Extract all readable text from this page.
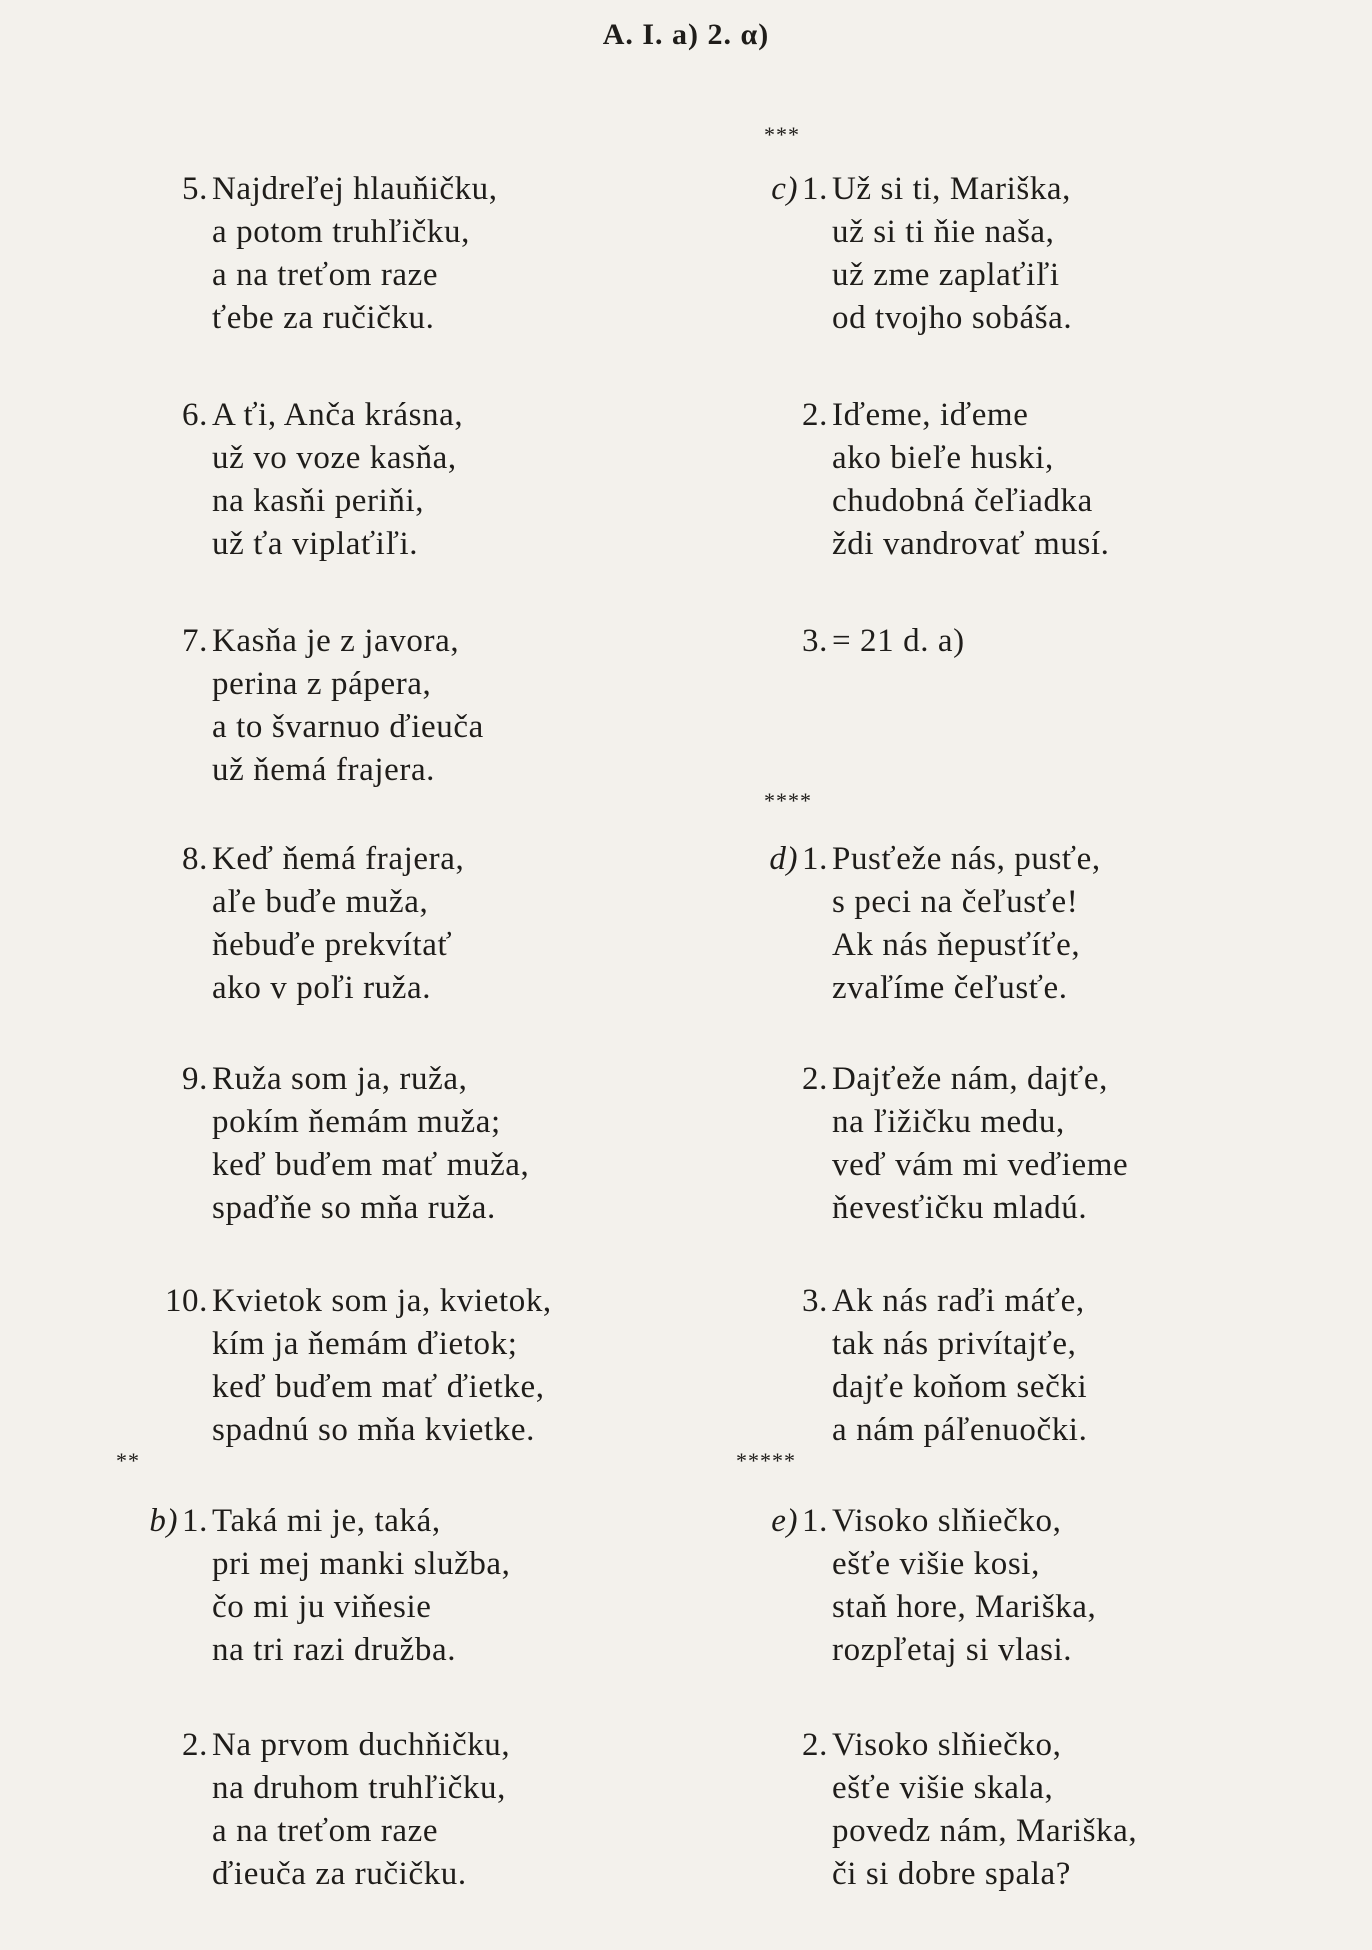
A. I. a) 2. α)
5. Najdreľej hlauňičku,
a potom truhľičku,
a na treťom raze
ťebe za ručičku.
6. A ťi, Anča krásna,
už vo voze kasňa,
na kasňi periňi,
už ťa viplaťiľi.
7. Kasňa je z javora,
perina z pápera,
a to švarnuo ďieuča
už ňemá frajera.
8. Keď ňemá frajera,
aľe buďe muža,
ňebuďe prekvítať
ako v poľi ruža.
9. Ruža som ja, ruža,
pokím ňemám muža;
keď buďem mať muža,
spaďňe so mňa ruža.
10. Kvietok som ja, kvietok,
kím ja ňemám ďietok;
keď buďem mať ďietke,
spadnú so mňa kvietke.
**
b) 1. Taká mi je, taká,
pri mej manki služba,
čo mi ju viňesie
na tri razi družba.
2. Na prvom duchňičku,
na druhom truhľičku,
a na treťom raze
ďieuča za ručičku.
***
c) 1. Už si ti, Mariška,
už si ti ňie naša,
už zme zaplaťiľi
od tvojho sobáša.
2. Iďeme, iďeme
ako bieľe huski,
chudobná čeľiadka
ždi vandrovať musí.
3. = 21 d. a)
****
d) 1. Pusťeže nás, pusťe,
s peci na čeľusťe!
Ak nás ňepusťíťe,
zvaľíme čeľusťe.
2. Dajťeže nám, dajťe,
na ľižičku medu,
veď vám mi veďieme
ňevesťičku mladú.
3. Ak nás raďi máťe,
tak nás privítajťe,
dajťe koňom sečki
a nám páľenuočki.
*****
e) 1. Visoko slňiečko,
ešťe višie kosi,
staň hore, Mariška,
rozpľetaj si vlasi.
2. Visoko slňiečko,
ešťe višie skala,
povedz nám, Mariška,
či si dobre spala?
